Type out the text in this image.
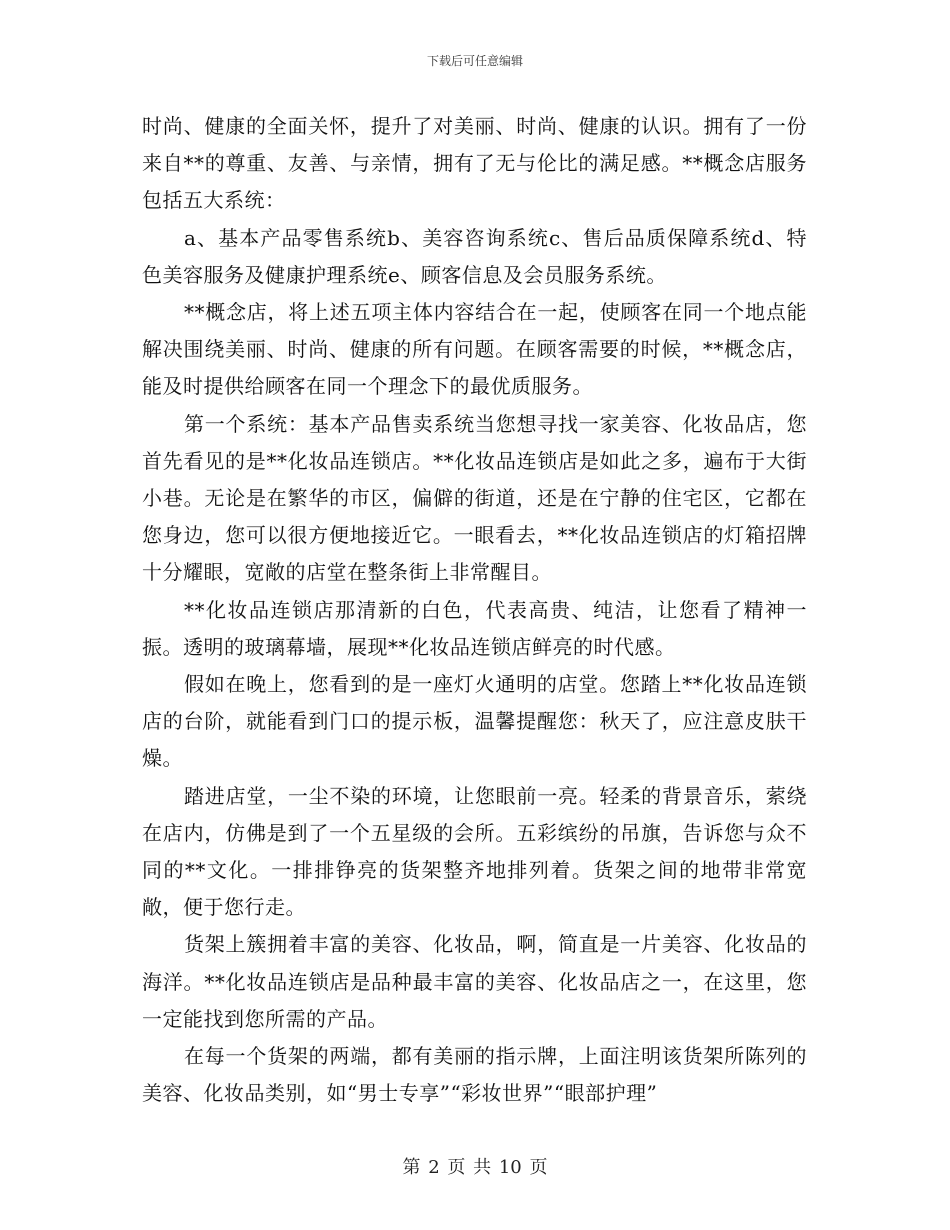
下载后可任意编辑

时尚、健康的全面关怀，提升了对美丽、时尚、健康的认识。拥有了一份来自**的尊重、友善、与亲情，拥有了无与伦比的满足感。**概念店服务包括五大系统：

a、基本产品零售系统b、美容咨询系统c、售后品质保障系统d、特色美容服务及健康护理系统e、顾客信息及会员服务系统。

**概念店，将上述五项主体内容结合在一起，使顾客在同一个地点能解决围绕美丽、时尚、健康的所有问题。在顾客需要的时候，**概念店，能及时提供给顾客在同一个理念下的最优质服务。

第一个系统：基本产品售卖系统当您想寻找一家美容、化妆品店，您首先看见的是**化妆品连锁店。**化妆品连锁店是如此之多，遍布于大街小巷。无论是在繁华的市区，偏僻的街道，还是在宁静的住宅区，它都在您身边，您可以很方便地接近它。一眼看去，**化妆品连锁店的灯箱招牌十分耀眼，宽敞的店堂在整条街上非常醒目。

**化妆品连锁店那清新的白色，代表高贵、纯洁，让您看了精神一振。透明的玻璃幕墙，展现**化妆品连锁店鲜亮的时代感。

假如在晚上，您看到的是一座灯火通明的店堂。您踏上**化妆品连锁店的台阶，就能看到门口的提示板，温馨提醒您：秋天了，应注意皮肤干燥。

踏进店堂，一尘不染的环境，让您眼前一亮。轻柔的背景音乐，萦绕在店内，仿佛是到了一个五星级的会所。五彩缤纷的吊旗，告诉您与众不同的**文化。一排排铮亮的货架整齐地排列着。货架之间的地带非常宽敞，便于您行走。

货架上簇拥着丰富的美容、化妆品，啊，简直是一片美容、化妆品的海洋。**化妆品连锁店是品种最丰富的美容、化妆品店之一，在这里，您一定能找到您所需的产品。

在每一个货架的两端，都有美丽的指示牌，上面注明该货架所陈列的美容、化妆品类别，如“男士专享”“彩妆世界”“眼部护理”

第 2 页 共 10 页
